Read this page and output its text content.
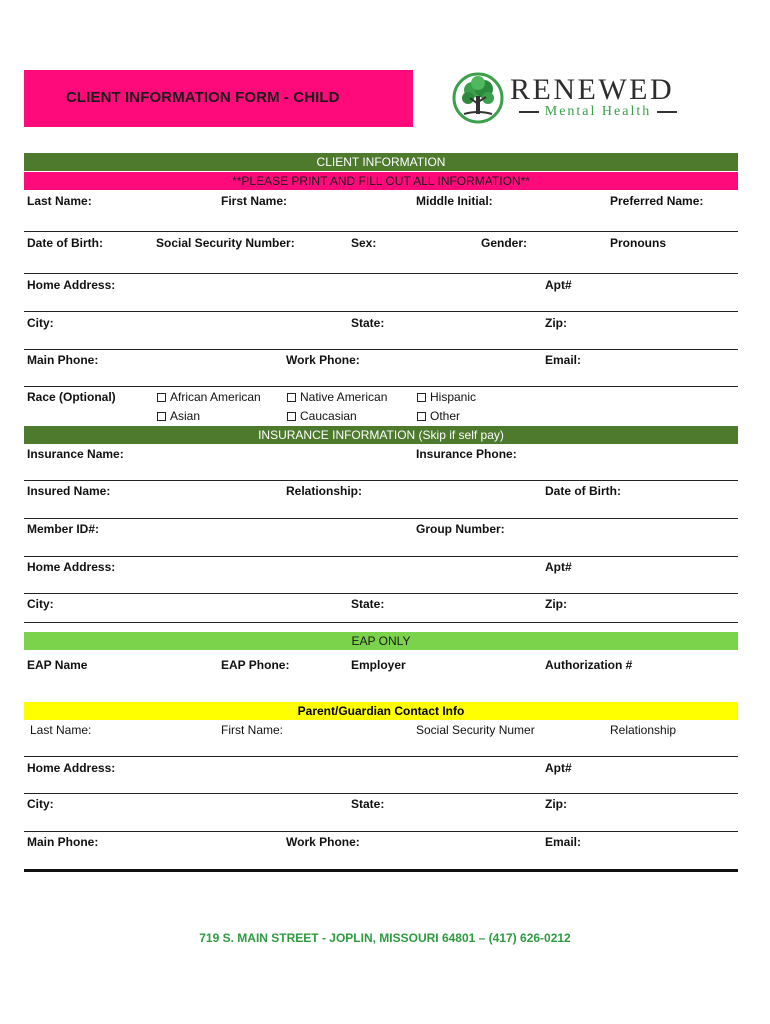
CLIENT INFORMATION FORM - CHILD	RENEWED
Mental Health
CLIENT INFORMATION
**PLEASE PRINT AND FILL OUT ALL INFORMATION**
Last Name:	First Name:	Middle Initial:	Preferred Name:
Date of Birth:	Social Security Number:	Sex:	Gender:	Pronouns
Home Address:	Apt#
City:	State:	Zip:
Main Phone:	Work Phone:	Email:
Race (Optional)	African American	Native American	Hispanic
Asian	Caucasian	Other
INSURANCE INFORMATION (Skip if self pay)
Insurance Name:	Insurance Phone:
Insured Name:	Relationship:	Date of Birth:
Member ID#:	Group Number:
Home Address:	Apt#
City:	State:	Zip:
EAP ONLY
EAP Name	EAP Phone:	Employer	Authorization #
Parent/Guardian Contact Info
Last Name:	First Name:	Social Security Numer	Relationship
Home Address:	Apt#
City:	State:	Zip:
Main Phone:	Work Phone:	Email:
719 S. MAIN STREET - JOPLIN, MISSOURI 64801 – (417) 626-0212
